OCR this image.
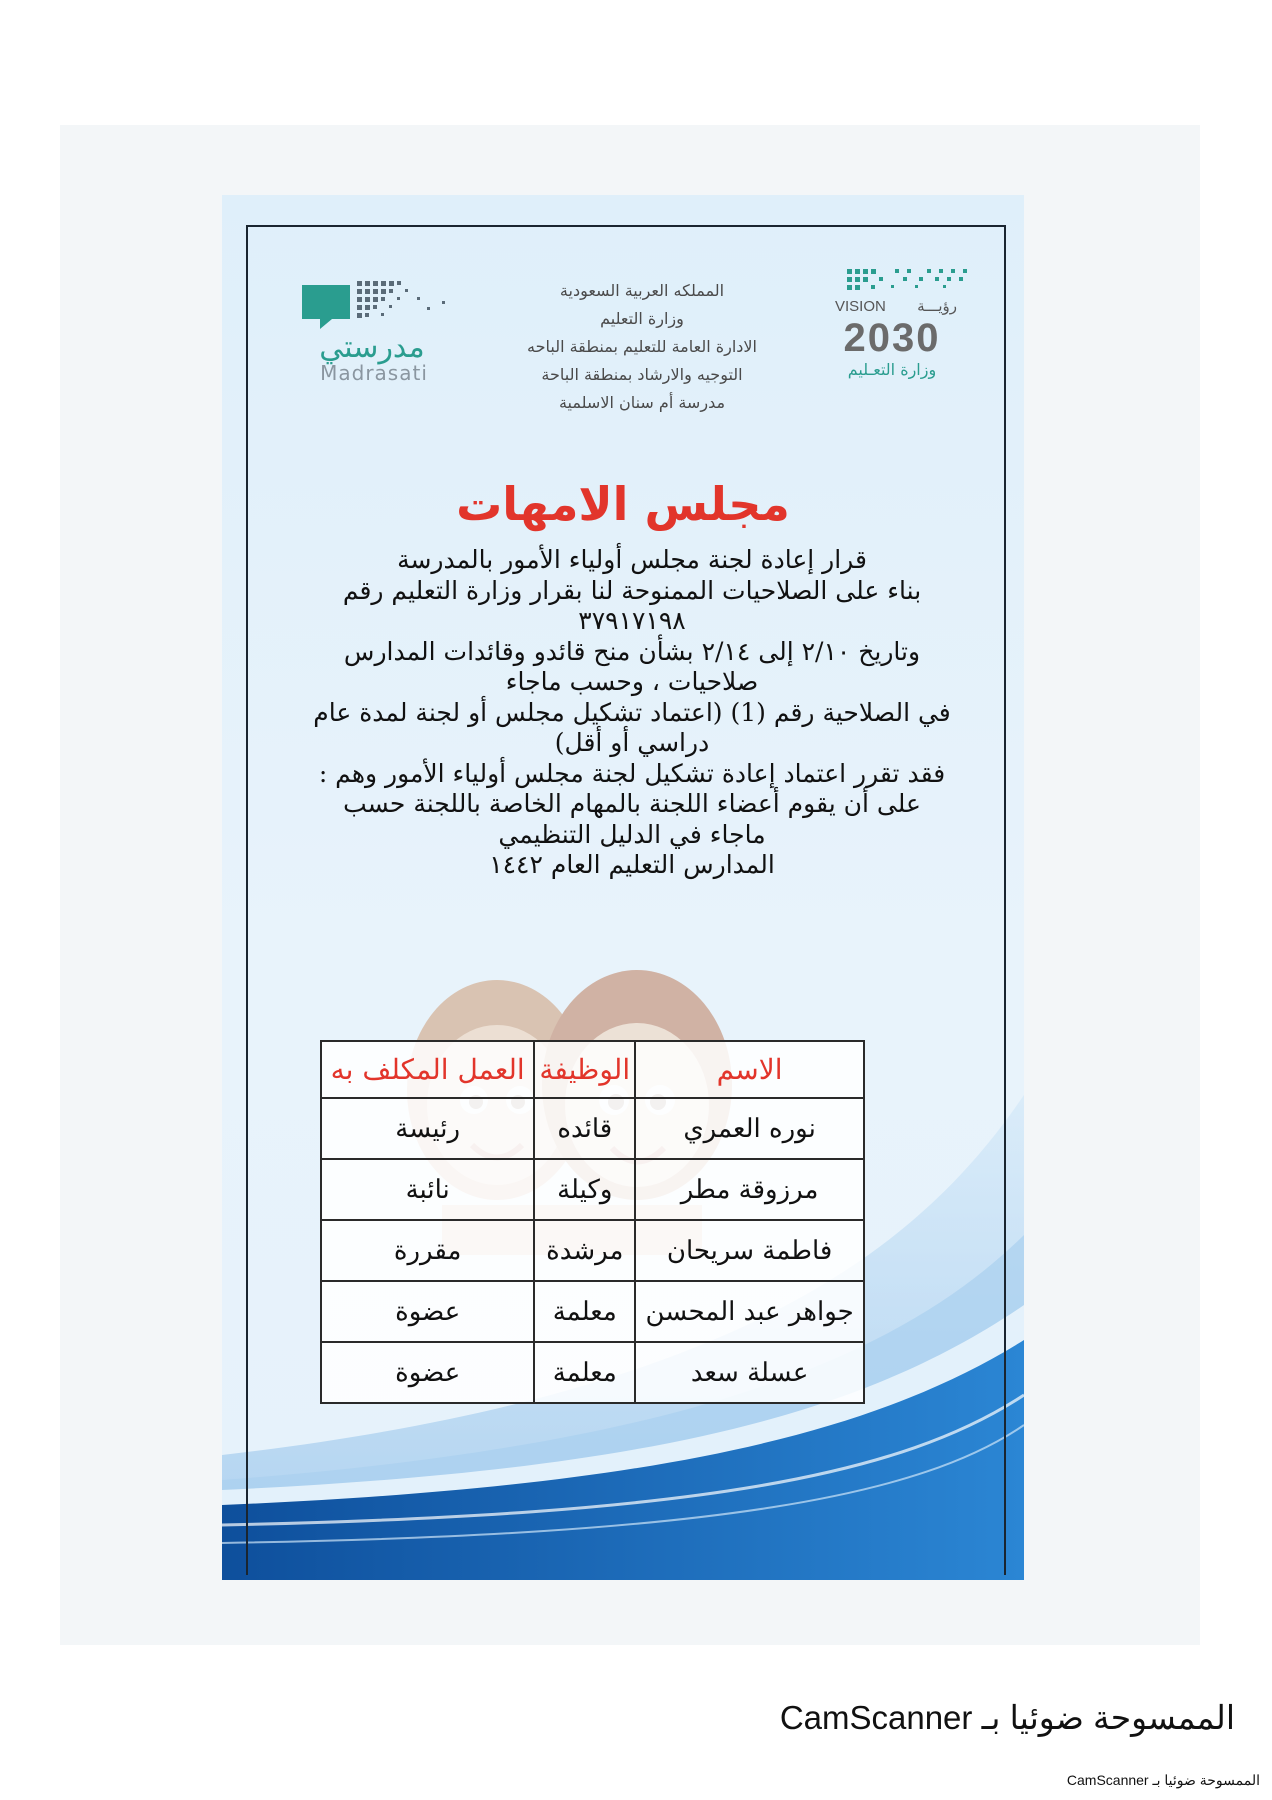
VISION رؤيـــة
2030
وزارة التعـليم
مدرستي
Madrasati
المملكه العربية السعودية
وزارة التعليم
الادارة العامة للتعليم بمنطقة الباحه
التوجيه والارشاد بمنطقة الباحة
مدرسة أم سنان الاسلمية
مجلس الامهات
قرار إعادة لجنة مجلس أولياء الأمور بالمدرسة
بناء على الصلاحيات الممنوحة لنا بقرار وزارة التعليم رقم
٣٧٩١٧١٩٨
وتاريخ ٢/١٠ إلى ٢/١٤ بشأن منح قائدو وقائدات المدارس
صلاحيات ، وحسب ماجاء
في الصلاحية رقم (1) (اعتماد تشكيل مجلس أو لجنة لمدة عام
دراسي أو أقل)
فقد تقرر اعتماد إعادة تشكيل لجنة مجلس أولياء الأمور وهم :
على أن يقوم أعضاء اللجنة بالمهام الخاصة باللجنة حسب
ماجاء في الدليل التنظيمي
المدارس التعليم العام ١٤٤٢
الاسم	الوظيفة	العمل المكلف به
نوره العمري	قائده	رئيسة
مرزوقة مطر	وكيلة	نائبة
فاطمة سريحان	مرشدة	مقررة
جواهر عبد المحسن	معلمة	عضوة
عسلة سعد	معلمة	عضوة
الممسوحة ضوئيا بـ CamScanner
الممسوحة ضوئيا بـ CamScanner
